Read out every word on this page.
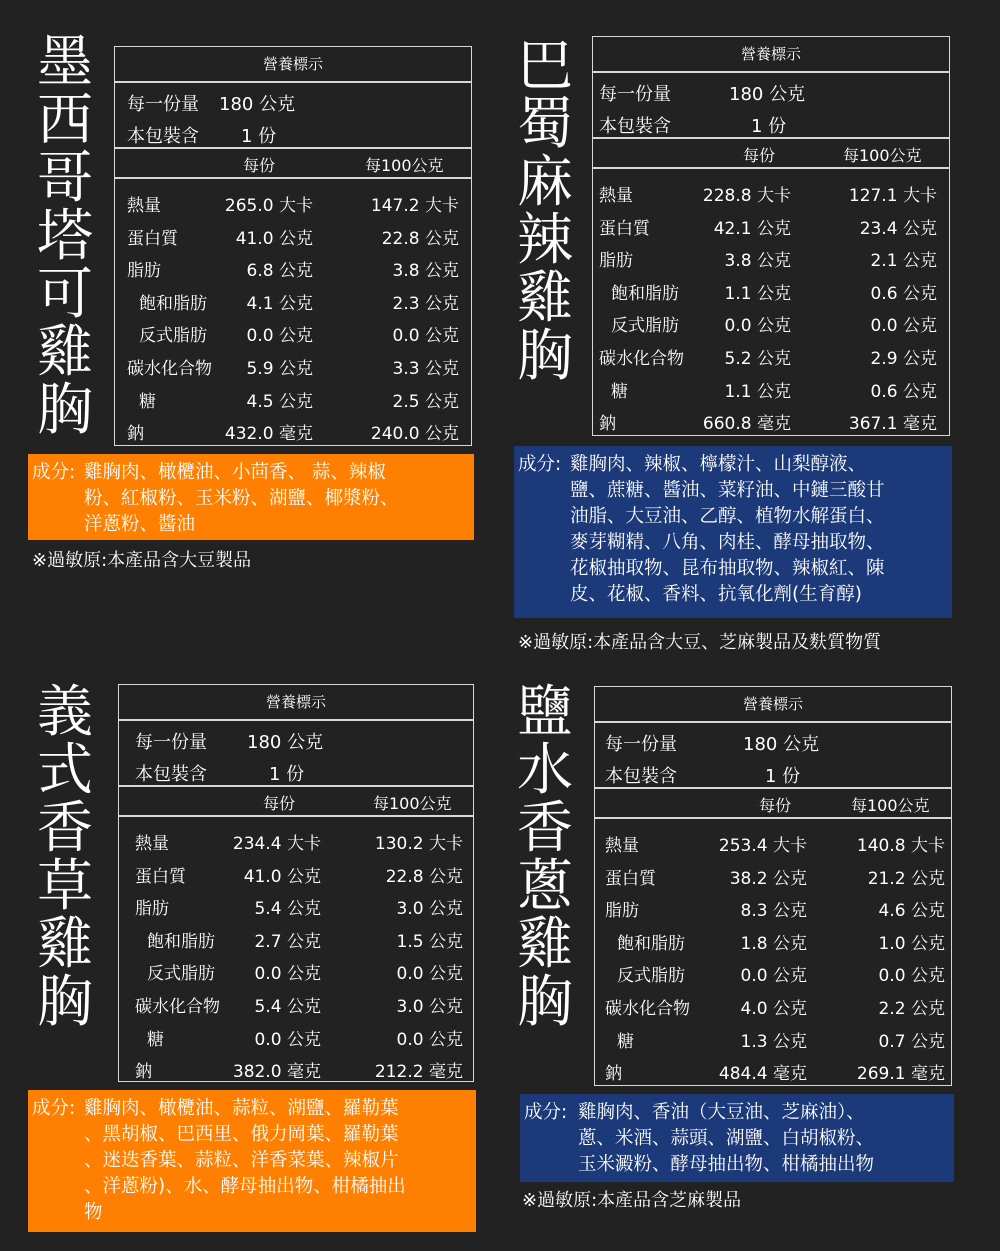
墨
西
哥
塔
可
雞
胸
營養標示
每一份量 180 公克
本包裝含 1 份
每份	每100公克
熱量	265.0 大卡	147.2 大卡
蛋白質	41.0 公克	22.8 公克
脂肪	6.8 公克	3.8 公克
飽和脂肪 4.1 公克	2.3 公克
反式脂肪 0.0 公克	0.0 公克
碳水化合物 5.9 公克	3.3 公克
糖	4.5 公克	2.5 公克
鈉	432.0 毫克	240.0 公克
成分: 雞胸肉、橄欖油、小茴香、 蒜、辣椒
粉、紅椒粉、玉米粉、湖鹽、椰漿粉、
洋蔥粉、醬油
※過敏原:本產品含大豆製品
巴
蜀
麻
辣
雞
胸
營養標示
每一份量	180 公克
本包裝含	1 份
每份	每100公克
熱量	228.8 大卡	127.1 大卡
蛋白質	42.1 公克	23.4 公克
脂肪	3.8 公克	2.1 公克
飽和脂肪	1.1 公克	0.6 公克
反式脂肪	0.0 公克	0.0 公克
碳水化合物 5.2 公克	2.9 公克
糖	1.1 公克	0.6 公克
鈉	660.8 毫克	367.1 毫克
成分: 雞胸肉、辣椒、檸檬汁、山梨醇液、
鹽、蔗糖、醬油、菜籽油、中鏈三酸甘
油脂、大豆油、乙醇、植物水解蛋白、
麥芽糊精、八角、肉桂、酵母抽取物、
花椒抽取物、昆布抽取物、辣椒紅、陳
皮、花椒、香料、抗氧化劑(生育醇)
※過敏原:本產品含大豆、芝麻製品及麩質物質
義
式
香
草
雞
胸
營養標示
每一份量 180 公克
本包裝含	1 份
每份	每100公克
熱量	234.4 大卡	130.2 大卡
蛋白質	41.0 公克	22.8 公克
脂肪	5.4 公克	3.0 公克
飽和脂肪 2.7 公克	1.5 公克
反式脂肪 0.0 公克	0.0 公克
碳水化合物 5.4 公克	3.0 公克
糖	0.0 公克	0.0 公克
鈉	382.0 毫克	212.2 毫克
成分: 雞胸肉、橄欖油、蒜粒、湖鹽、羅勒葉
、黑胡椒、巴西里、俄力岡葉、羅勒葉
、迷迭香葉、蒜粒、洋香菜葉、辣椒片
、洋蔥粉)、水、酵母抽出物、柑橘抽出
物
鹽
水
香
蔥
雞
胸
營養標示
每一份量	180 公克
本包裝含	1 份
每份	每100公克
熱量	253.4 大卡	140.8 大卡
蛋白質	38.2 公克	21.2 公克
脂肪	8.3 公克	4.6 公克
飽和脂肪	1.8 公克	1.0 公克
反式脂肪	0.0 公克	0.0 公克
碳水化合物	4.0 公克	2.2 公克
糖	1.3 公克	0.7 公克
鈉	484.4 毫克	269.1 毫克
成分: 雞胸肉、香油（大豆油、芝麻油）、
蔥、米酒、蒜頭、湖鹽、白胡椒粉、
玉米澱粉、酵母抽出物、柑橘抽出物
※過敏原:本產品含芝麻製品
